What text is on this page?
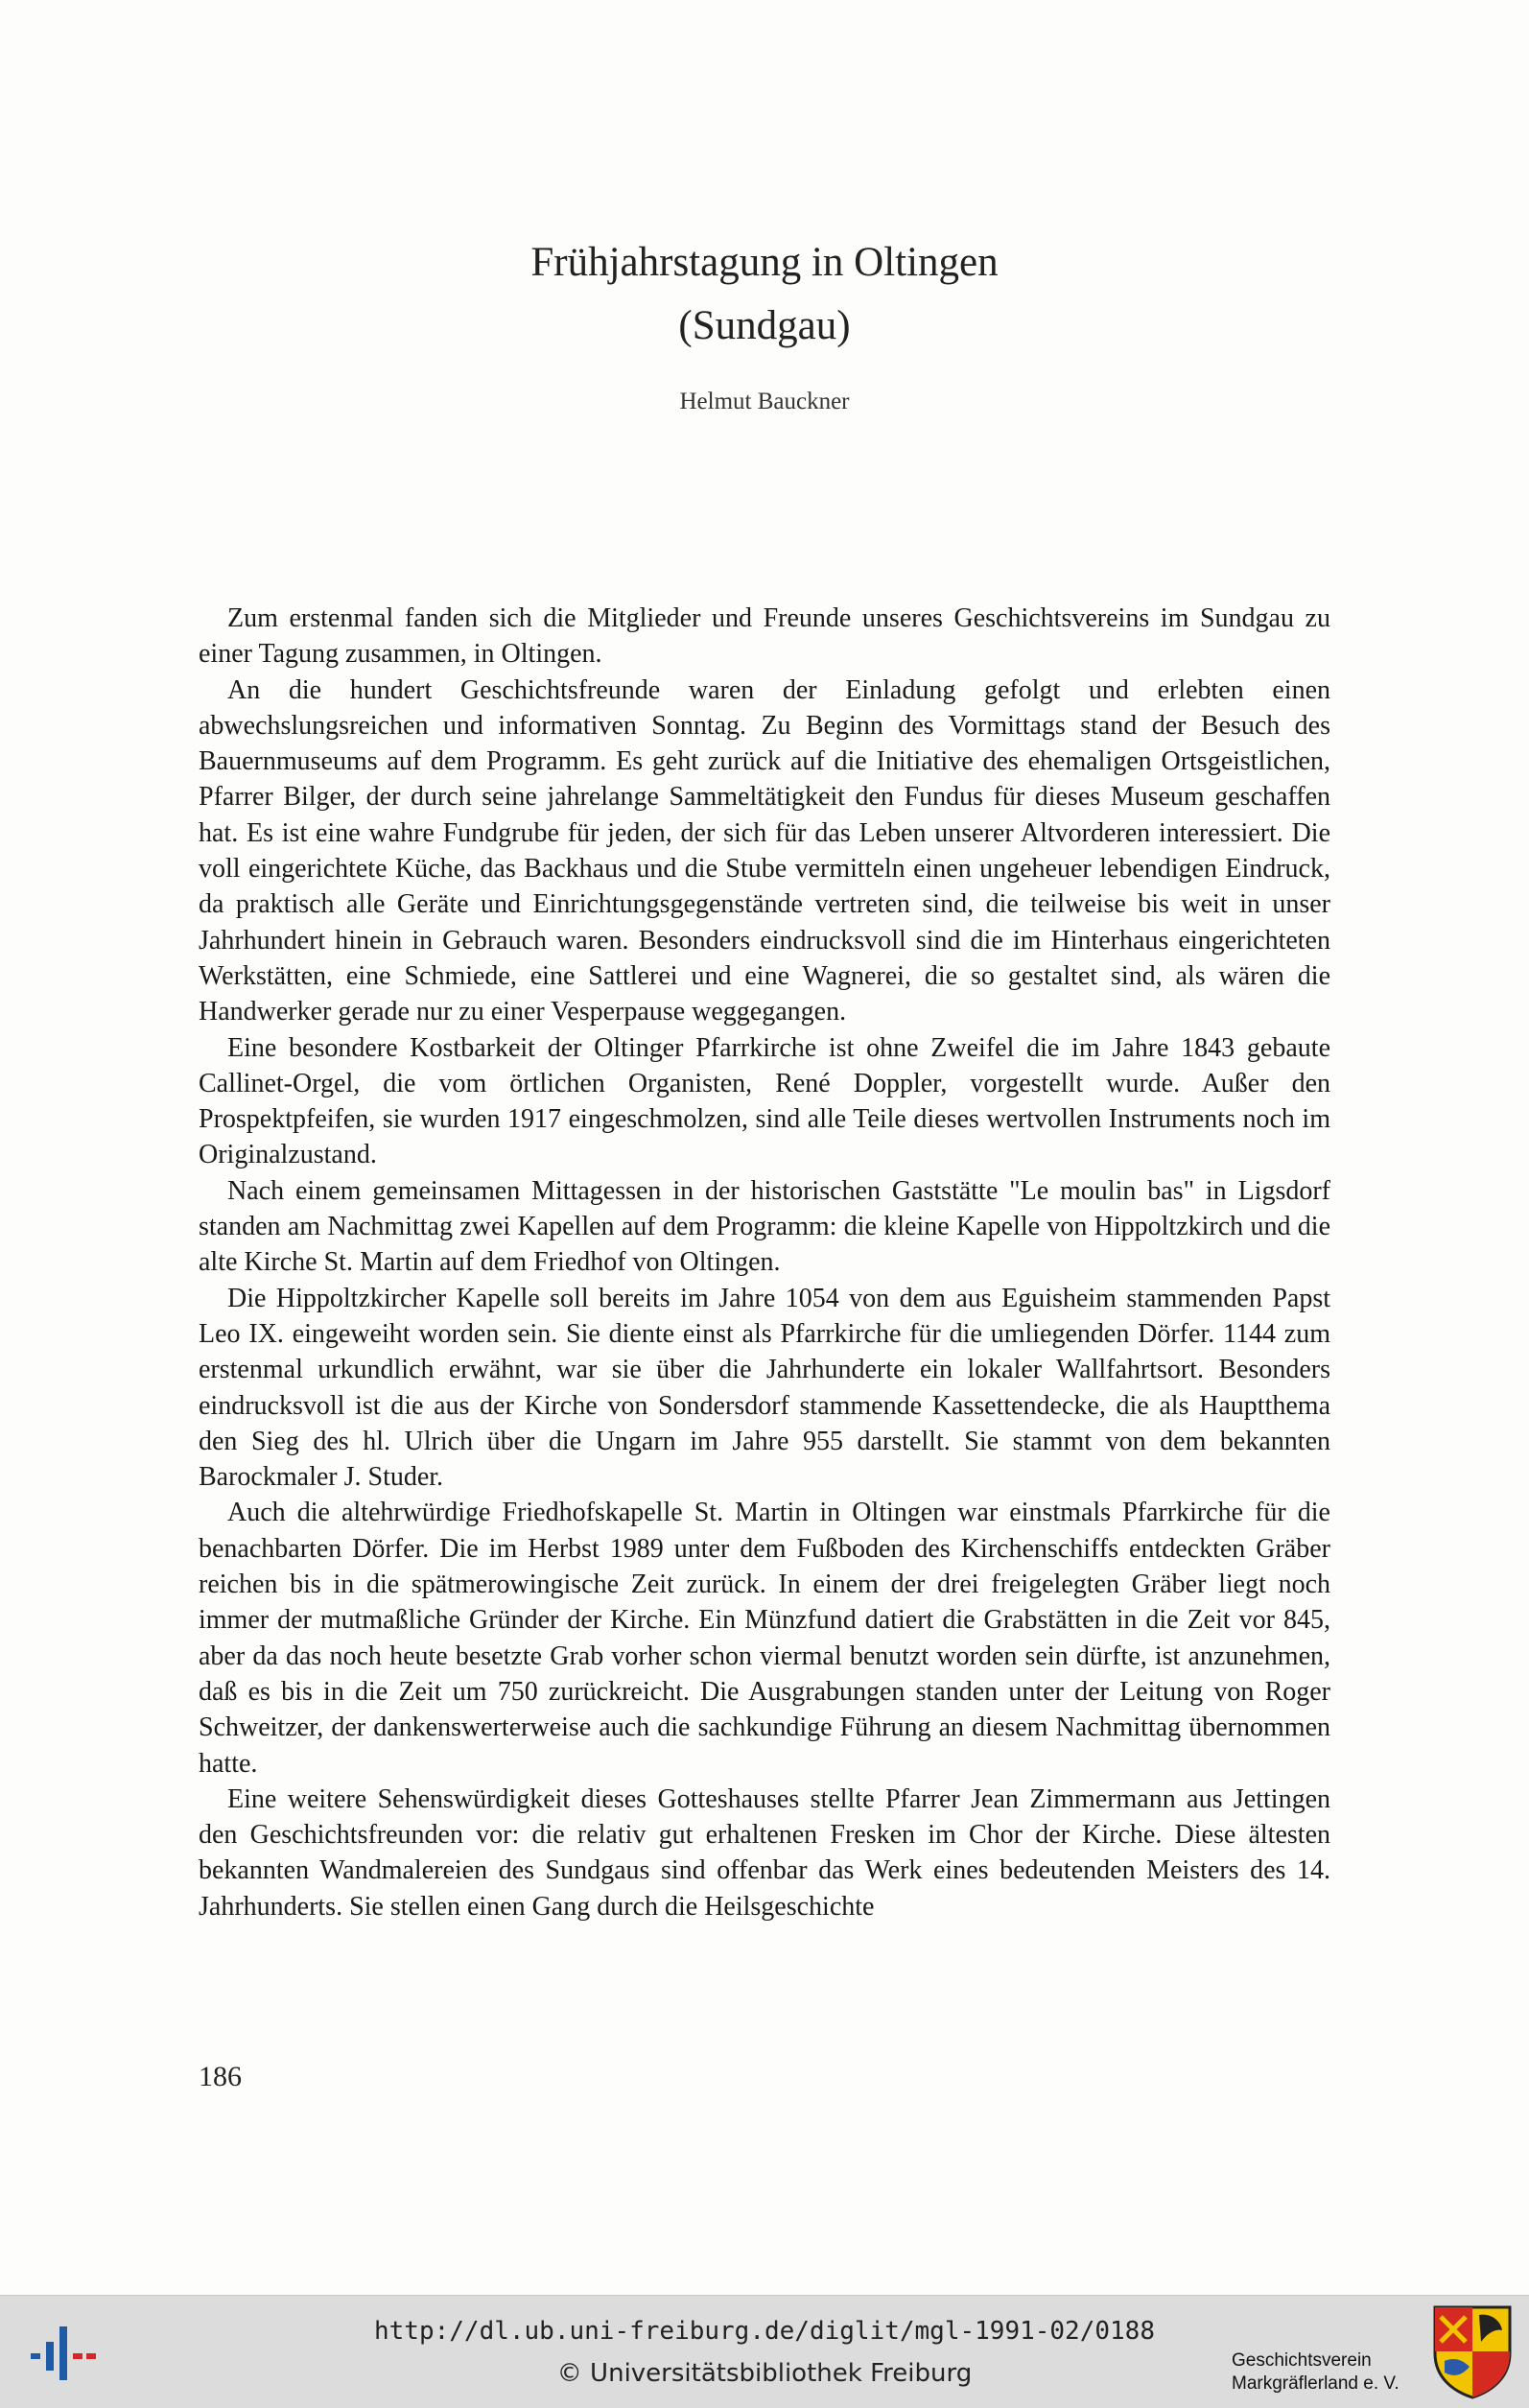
Frühjahrstagung in Oltingen
(Sundgau)
Helmut Bauckner

Zum erstenmal fanden sich die Mitglieder und Freunde unseres Geschichtsvereins im Sundgau zu einer Tagung zusammen, in Oltingen.

An die hundert Geschichtsfreunde waren der Einladung gefolgt und erlebten einen abwechslungsreichen und informativen Sonntag. Zu Beginn des Vormittags stand der Besuch des Bauernmuseums auf dem Programm. Es geht zurück auf die Initiative des ehemaligen Ortsgeistlichen, Pfarrer Bilger, der durch seine jahrelange Sammeltätigkeit den Fundus für dieses Museum geschaffen hat. Es ist eine wahre Fundgrube für jeden, der sich für das Leben unserer Altvorderen interessiert. Die voll eingerichtete Küche, das Backhaus und die Stube vermitteln einen ungeheuer lebendigen Eindruck, da praktisch alle Geräte und Einrichtungsgegenstände vertreten sind, die teilweise bis weit in unser Jahrhundert hinein in Gebrauch waren. Besonders eindrucksvoll sind die im Hinterhaus eingerichteten Werkstätten, eine Schmiede, eine Sattlerei und eine Wagnerei, die so gestaltet sind, als wären die Handwerker gerade nur zu einer Vesperpause weggegangen.

Eine besondere Kostbarkeit der Oltinger Pfarrkirche ist ohne Zweifel die im Jahre 1843 gebaute Callinet-Orgel, die vom örtlichen Organisten, René Doppler, vorgestellt wurde. Außer den Prospektpfeifen, sie wurden 1917 eingeschmolzen, sind alle Teile dieses wertvollen Instruments noch im Originalzustand.

Nach einem gemeinsamen Mittagessen in der historischen Gaststätte "Le moulin bas" in Ligsdorf standen am Nachmittag zwei Kapellen auf dem Programm: die kleine Kapelle von Hippoltzkirch und die alte Kirche St. Martin auf dem Friedhof von Oltingen.

Die Hippoltzkircher Kapelle soll bereits im Jahre 1054 von dem aus Eguisheim stammenden Papst Leo IX. eingeweiht worden sein. Sie diente einst als Pfarrkirche für die umliegenden Dörfer. 1144 zum erstenmal urkundlich erwähnt, war sie über die Jahrhunderte ein lokaler Wallfahrtsort. Besonders eindrucksvoll ist die aus der Kirche von Sondersdorf stammende Kassettendecke, die als Hauptthema den Sieg des hl. Ulrich über die Ungarn im Jahre 955 darstellt. Sie stammt von dem bekannten Barockmaler J. Studer.

Auch die altehrwürdige Friedhofskapelle St. Martin in Oltingen war einstmals Pfarrkirche für die benachbarten Dörfer. Die im Herbst 1989 unter dem Fußboden des Kirchenschiffs entdeckten Gräber reichen bis in die spätmerowingische Zeit zurück. In einem der drei freigelegten Gräber liegt noch immer der mutmaßliche Gründer der Kirche. Ein Münzfund datiert die Grabstätten in die Zeit vor 845, aber da das noch heute besetzte Grab vorher schon viermal benutzt worden sein dürfte, ist anzunehmen, daß es bis in die Zeit um 750 zurückreicht. Die Ausgrabungen standen unter der Leitung von Roger Schweitzer, der dankenswerterweise auch die sachkundige Führung an diesem Nachmittag übernommen hatte.

Eine weitere Sehenswürdigkeit dieses Gotteshauses stellte Pfarrer Jean Zimmermann aus Jettingen den Geschichtsfreunden vor: die relativ gut erhaltenen Fresken im Chor der Kirche. Diese ältesten bekannten Wandmalereien des Sundgaus sind offenbar das Werk eines bedeutenden Meisters des 14. Jahrhunderts. Sie stellen einen Gang durch die Heilsgeschichte

186
http://dl.ub.uni-freiburg.de/diglit/mgl-1991-02/0188
© Universitätsbibliothek Freiburg	Geschichtsverein
Markgräflerland e. V.
